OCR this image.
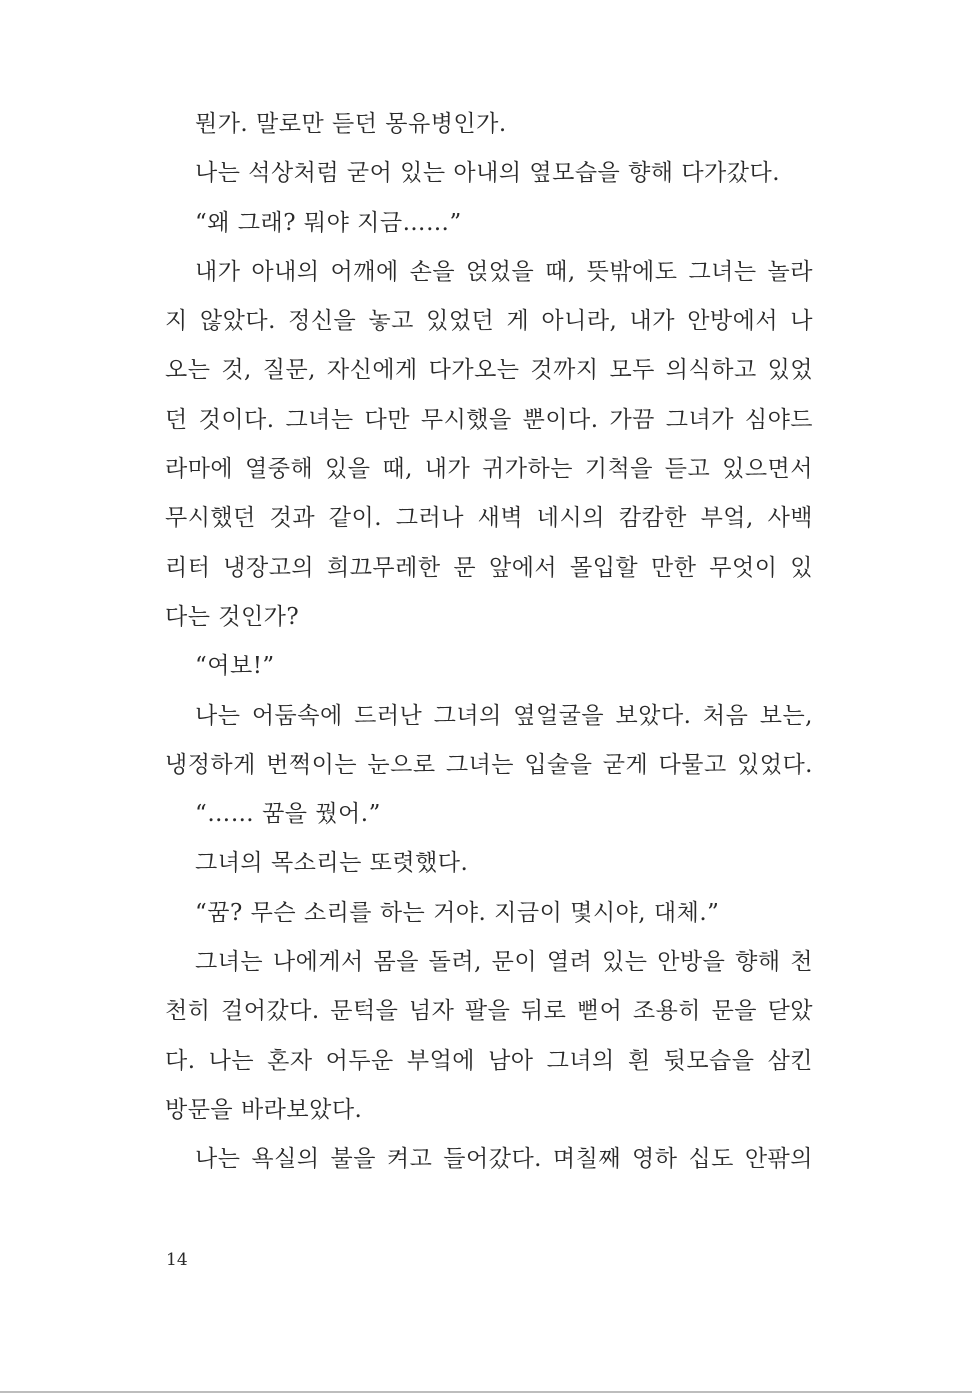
뭔가. 말로만 듣던 몽유병인가.
나는 석상처럼 굳어 있는 아내의 옆모습을 향해 다가갔다.
“왜 그래? 뭐야 지금……”
내가 아내의 어깨에 손을 얹었을 때, 뜻밖에도 그녀는 놀라
지 않았다. 정신을 놓고 있었던 게 아니라, 내가 안방에서 나
오는 것, 질문, 자신에게 다가오는 것까지 모두 의식하고 있었
던 것이다. 그녀는 다만 무시했을 뿐이다. 가끔 그녀가 심야드
라마에 열중해 있을 때, 내가 귀가하는 기척을 듣고 있으면서
무시했던 것과 같이. 그러나 새벽 네시의 캄캄한 부엌, 사백
리터 냉장고의 희끄무레한 문 앞에서 몰입할 만한 무엇이 있
다는 것인가?
“여보!”
나는 어둠속에 드러난 그녀의 옆얼굴을 보았다. 처음 보는,
냉정하게 번쩍이는 눈으로 그녀는 입술을 굳게 다물고 있었다.
“…… 꿈을 꿨어.”
그녀의 목소리는 또렷했다.
“꿈? 무슨 소리를 하는 거야. 지금이 몇시야, 대체.”
그녀는 나에게서 몸을 돌려, 문이 열려 있는 안방을 향해 천
천히 걸어갔다. 문턱을 넘자 팔을 뒤로 뻗어 조용히 문을 닫았
다. 나는 혼자 어두운 부엌에 남아 그녀의 흰 뒷모습을 삼킨
방문을 바라보았다.
나는 욕실의 불을 켜고 들어갔다. 며칠째 영하 십도 안팎의
14
